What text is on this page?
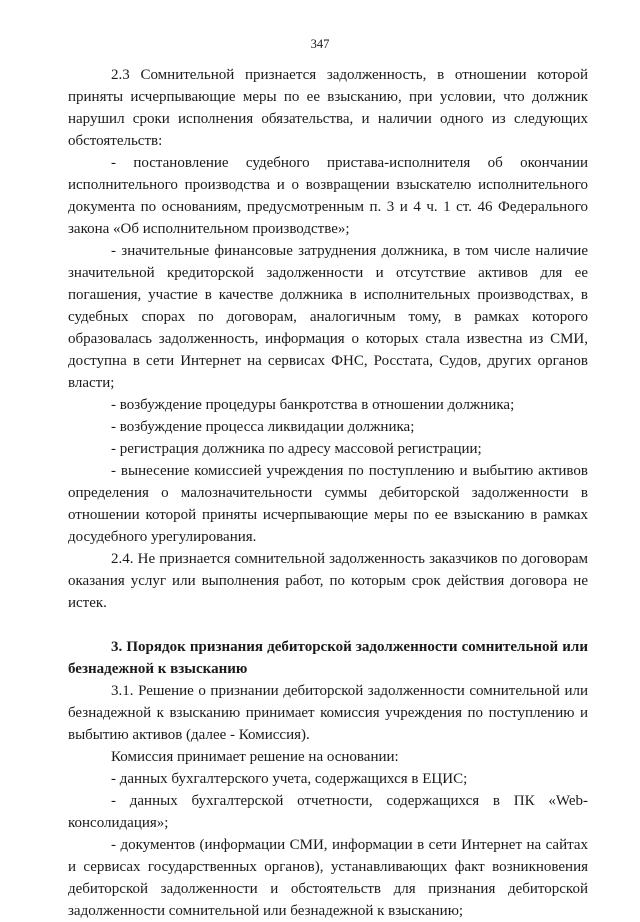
347

2.3 Сомнительной признается задолженность, в отношении которой приняты исчерпывающие меры по ее взысканию, при условии, что должник нарушил сроки исполнения обязательства, и наличии одного из следующих обстоятельств:

- постановление судебного пристава-исполнителя об окончании исполнительного производства и о возвращении взыскателю исполнительного документа по основаниям, предусмотренным п. 3 и 4 ч. 1 ст. 46 Федерального закона «Об исполнительном производстве»;

- значительные финансовые затруднения должника, в том числе наличие значительной кредиторской задолженности и отсутствие активов для ее погашения, участие в качестве должника в исполнительных производствах, в судебных спорах по договорам, аналогичным тому, в рамках которого образовалась задолженность, информация о которых стала известна из СМИ, доступна в сети Интернет на сервисах ФНС, Росстата, Судов, других органов власти;

- возбуждение процедуры банкротства в отношении должника;

- возбуждение процесса ликвидации должника;

- регистрация должника по адресу массовой регистрации;

- вынесение комиссией учреждения по поступлению и выбытию активов определения о малозначительности суммы дебиторской задолженности в отношении которой приняты исчерпывающие меры по ее взысканию в рамках досудебного урегулирования.

2.4. Не признается сомнительной задолженность заказчиков по договорам оказания услуг или выполнения работ, по которым срок действия договора не истек.

3. Порядок признания дебиторской задолженности сомнительной или безнадежной к взысканию

3.1. Решение о признании дебиторской задолженности сомнительной или безнадежной к взысканию принимает комиссия учреждения по поступлению и выбытию активов (далее - Комиссия).

Комиссия принимает решение на основании:

- данных бухгалтерского учета, содержащихся в ЕЦИС;

- данных бухгалтерской отчетности, содержащихся в ПК «Web-консолидация»;

- документов (информации СМИ, информации в сети Интернет на сайтах и сервисах государственных органов), устанавливающих факт возникновения дебиторской задолженности и обстоятельств для признания дебиторской задолженности сомнительной или безнадежной к взысканию;
